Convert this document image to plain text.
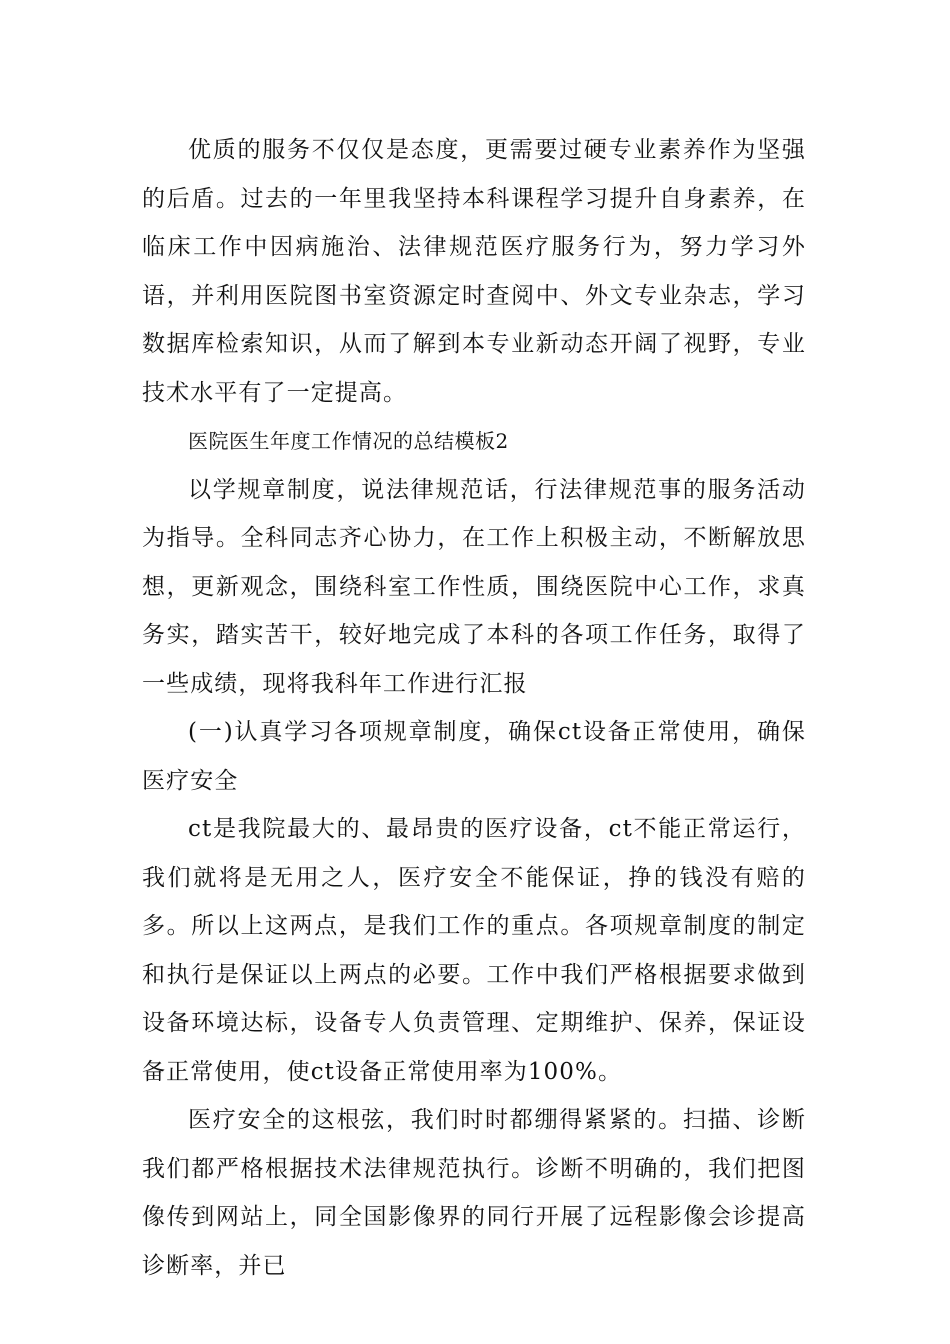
优质的服务不仅仅是态度，更需要过硬专业素养作为坚强的后盾。过去的一年里我坚持本科课程学习提升自身素养，在临床工作中因病施治、法律规范医疗服务行为，努力学习外语，并利用医院图书室资源定时查阅中、外文专业杂志，学习数据库检索知识，从而了解到本专业新动态开阔了视野，专业技术水平有了一定提高。

医院医生年度工作情况的总结模板2

以学规章制度，说法律规范话，行法律规范事的服务活动为指导。全科同志齐心协力，在工作上积极主动，不断解放思想，更新观念，围绕科室工作性质，围绕医院中心工作，求真务实，踏实苦干，较好地完成了本科的各项工作任务，取得了一些成绩，现将我科年工作进行汇报

(一)认真学习各项规章制度，确保ct设备正常使用，确保医疗安全

ct是我院最大的、最昂贵的医疗设备，ct不能正常运行，我们就将是无用之人，医疗安全不能保证，挣的钱没有赔的多。所以上这两点，是我们工作的重点。各项规章制度的制定和执行是保证以上两点的必要。工作中我们严格根据要求做到设备环境达标，设备专人负责管理、定期维护、保养，保证设备正常使用，使ct设备正常使用率为100%。

医疗安全的这根弦，我们时时都绷得紧紧的。扫描、诊断我们都严格根据技术法律规范执行。诊断不明确的，我们把图像传到网站上，同全国影像界的同行开展了远程影像会诊提高诊断率，并已
